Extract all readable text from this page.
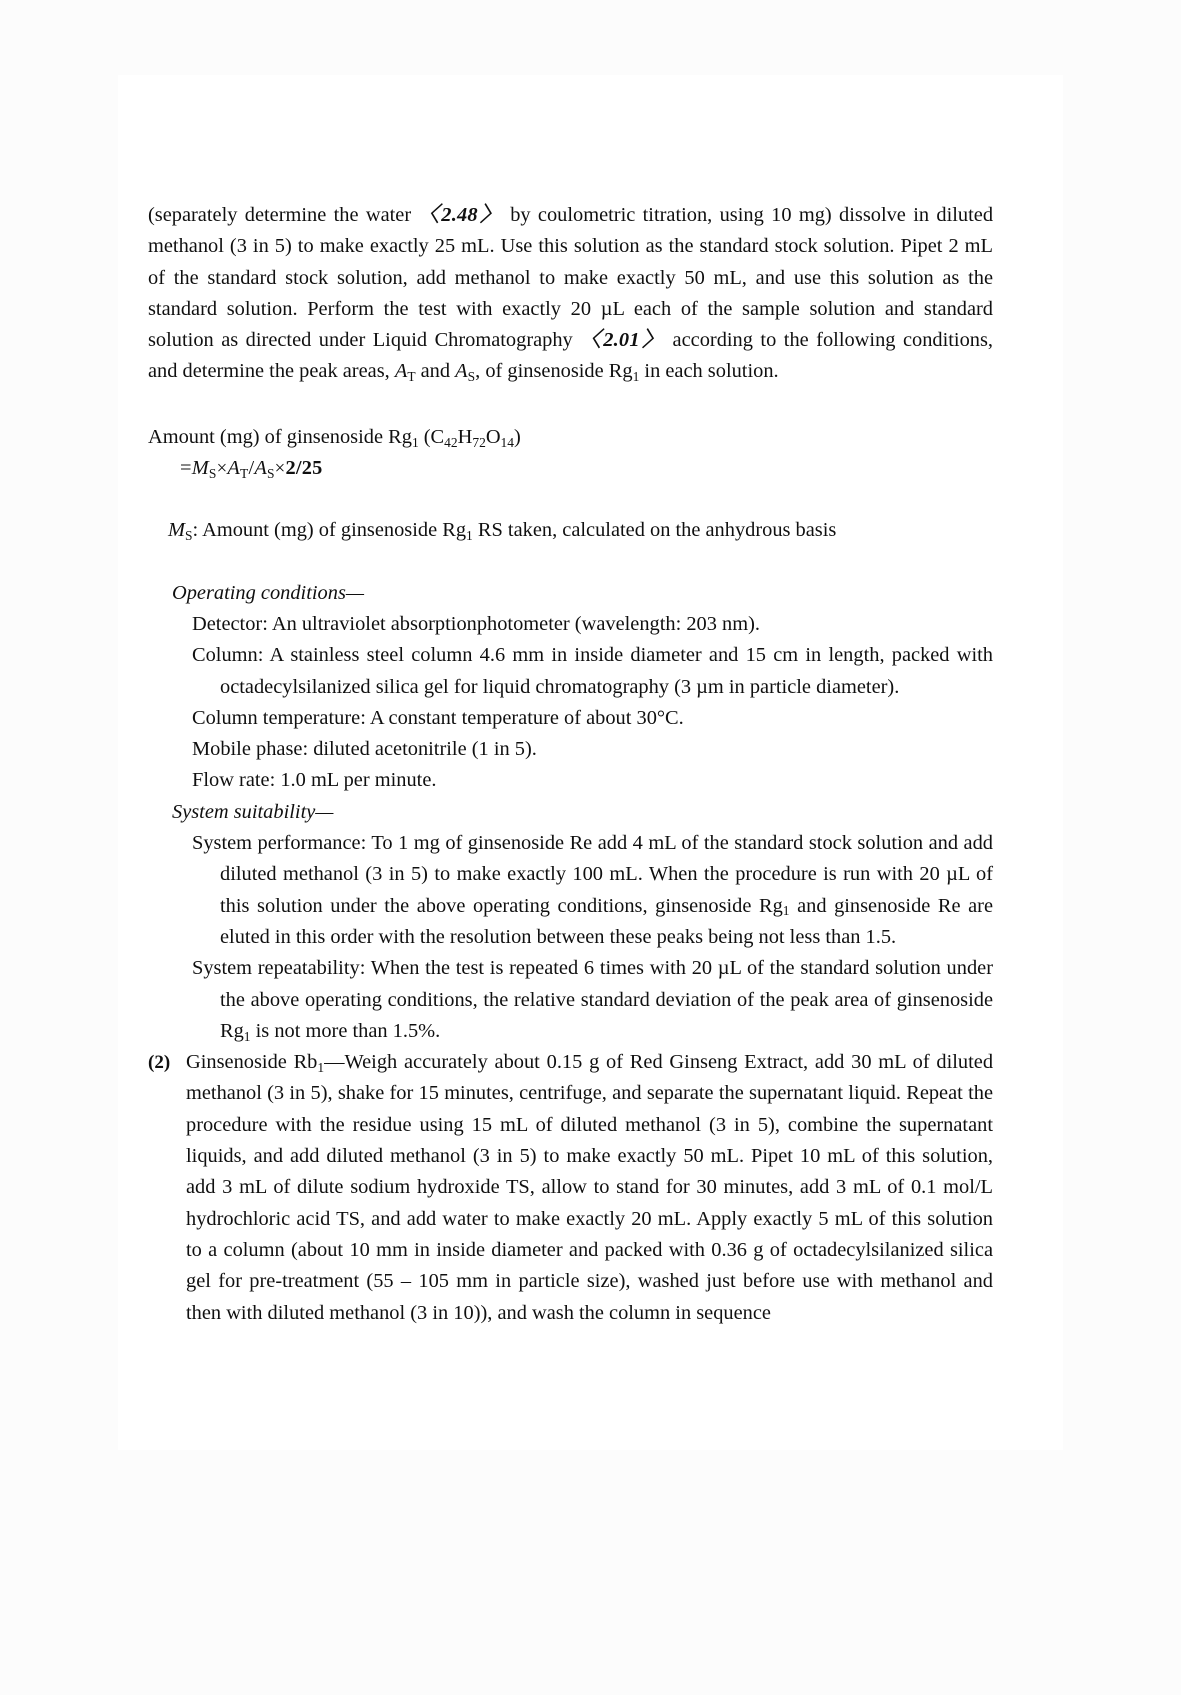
(separately determine the water 〈2.48〉 by coulometric titration, using 10 mg) dissolve in diluted methanol (3 in 5) to make exactly 25 mL. Use this solution as the standard stock solution. Pipet 2 mL of the standard stock solution, add methanol to make exactly 50 mL, and use this solution as the standard solution. Perform the test with exactly 20 µL each of the sample solution and standard solution as directed under Liquid Chromatography 〈2.01〉 according to the following conditions, and determine the peak areas, $A_T$ and $A_S$, of ginsenoside $Rg_1$ in each solution.

Amount (mg) of ginsenoside $Rg_1$ $(C_{42}H_{72}O_{14})$

$=M_S\times A_T/A_S\times 2/25$

$M_S$: Amount (mg) of ginsenoside $Rg_1$ RS taken, calculated on the anhydrous basis

Operating conditions—

Detector: An ultraviolet absorptionphotometer (wavelength: 203 nm).

Column: A stainless steel column 4.6 mm in inside diameter and 15 cm in length, packed with octadecylsilanized silica gel for liquid chromatography (3 µm in particle diameter).

Column temperature: A constant temperature of about 30°C.

Mobile phase: diluted acetonitrile (1 in 5).

Flow rate: 1.0 mL per minute.

System suitability—

System performance: To 1 mg of ginsenoside Re add 4 mL of the standard stock solution and add diluted methanol (3 in 5) to make exactly 100 mL. When the procedure is run with 20 µL of this solution under the above operating conditions, ginsenoside $Rg_1$ and ginsenoside Re are eluted in this order with the resolution between these peaks being not less than 1.5.

System repeatability: When the test is repeated 6 times with 20 µL of the standard solution under the above operating conditions, the relative standard deviation of the peak area of ginsenoside $Rg_1$ is not more than 1.5%.

(2) Ginsenoside $Rb_1—Weigh$ accurately about 0.15 g of Red Ginseng Extract, add 30 mL of diluted methanol (3 in 5), shake for 15 minutes, centrifuge, and separate the supernatant liquid. Repeat the procedure with the residue using 15 mL of diluted methanol (3 in 5), combine the supernatant liquids, and add diluted methanol (3 in 5) to make exactly 50 mL. Pipet 10 mL of this solution, add 3 mL of dilute sodium hydroxide TS, allow to stand for 30 minutes, add 3 mL of 0.1 mol/L hydrochloric acid TS, and add water to make exactly 20 mL. Apply exactly 5 mL of this solution to a column (about 10 mm in inside diameter and packed with 0.36 g of octadecylsilanized silica gel for pre-treatment (55 – 105 mm in particle size), washed just before use with methanol and then with diluted methanol (3 in 10)), and wash the column in sequence
